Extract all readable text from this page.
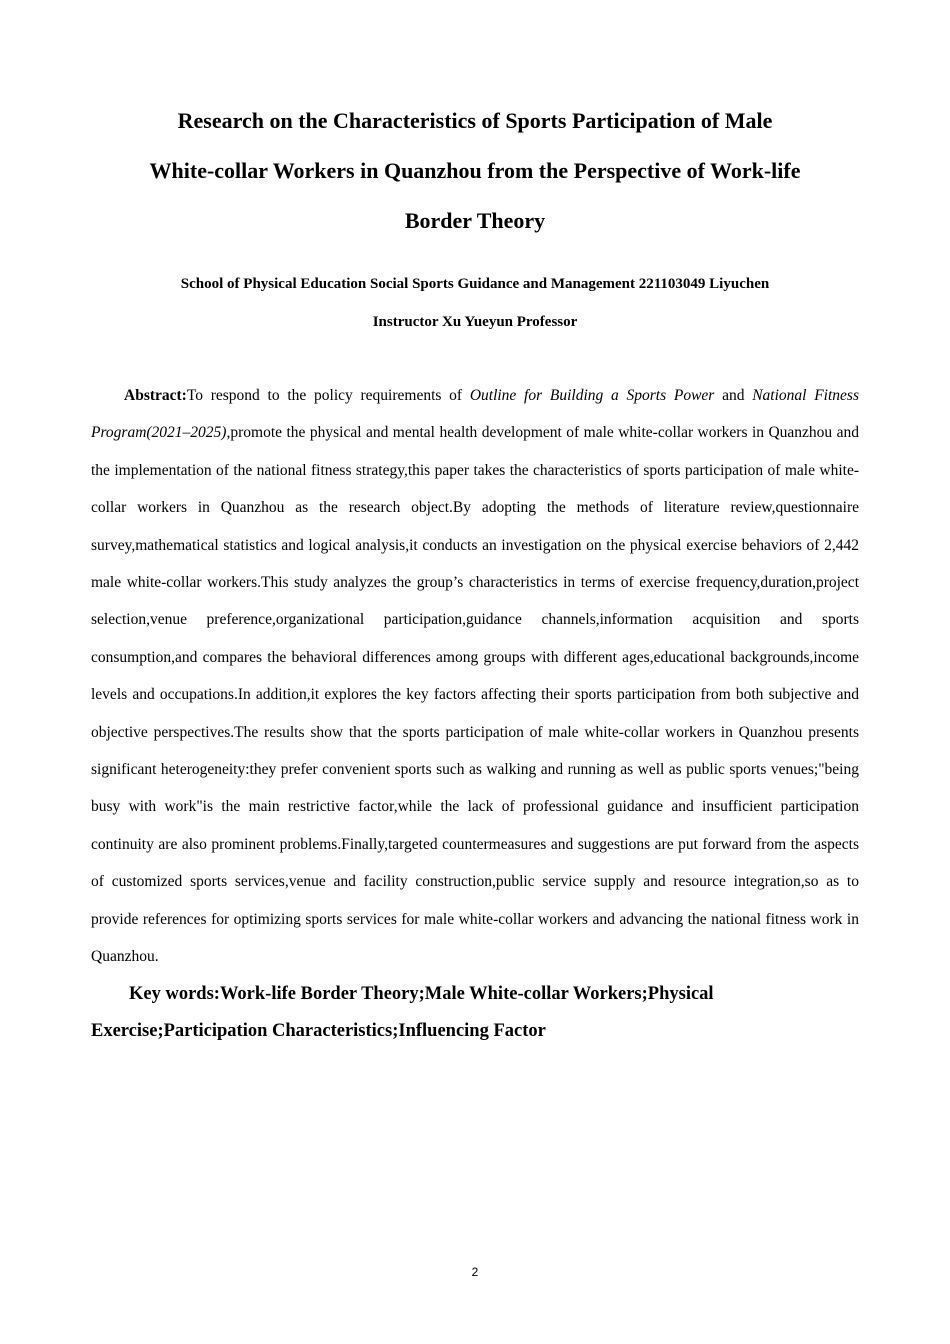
Research on the Characteristics of Sports Participation of Male
White-collar Workers in Quanzhou from the Perspective of Work-life
Border Theory
School of Physical Education Social Sports Guidance and Management 221103049 Liyuchen
Instructor Xu Yueyun Professor

Abstract:To respond to the policy requirements of Outline for Building a Sports Power and National Fitness Program(2021–2025),promote the physical and mental health development of male white-collar workers in Quanzhou and the implementation of the national fitness strategy,this paper takes the characteristics of sports participation of male white-collar workers in Quanzhou as the research object.By adopting the methods of literature review,questionnaire survey,mathematical statistics and logical analysis,it conducts an investigation on the physical exercise behaviors of 2,442 male white-collar workers.This study analyzes the group’s characteristics in terms of exercise frequency,duration,project selection,venue preference,organizational participation,guidance channels,information acquisition and sports consumption,and compares the behavioral differences among groups with different ages,educational backgrounds,income levels and occupations.In addition,it explores the key factors affecting their sports participation from both subjective and objective perspectives.The results show that the sports participation of male white-collar workers in Quanzhou presents significant heterogeneity:they prefer convenient sports such as walking and running as well as public sports venues;"being busy with work"is the main restrictive factor,while the lack of professional guidance and insufficient participation continuity are also prominent problems.Finally,targeted countermeasures and suggestions are put forward from the aspects of customized sports services,venue and facility construction,public service supply and resource integration,so as to provide references for optimizing sports services for male white-collar workers and advancing the national fitness work in Quanzhou.

Key words:Work-life Border Theory;Male White-collar Workers;Physical Exercise;Participation Characteristics;Influencing Factor

2
